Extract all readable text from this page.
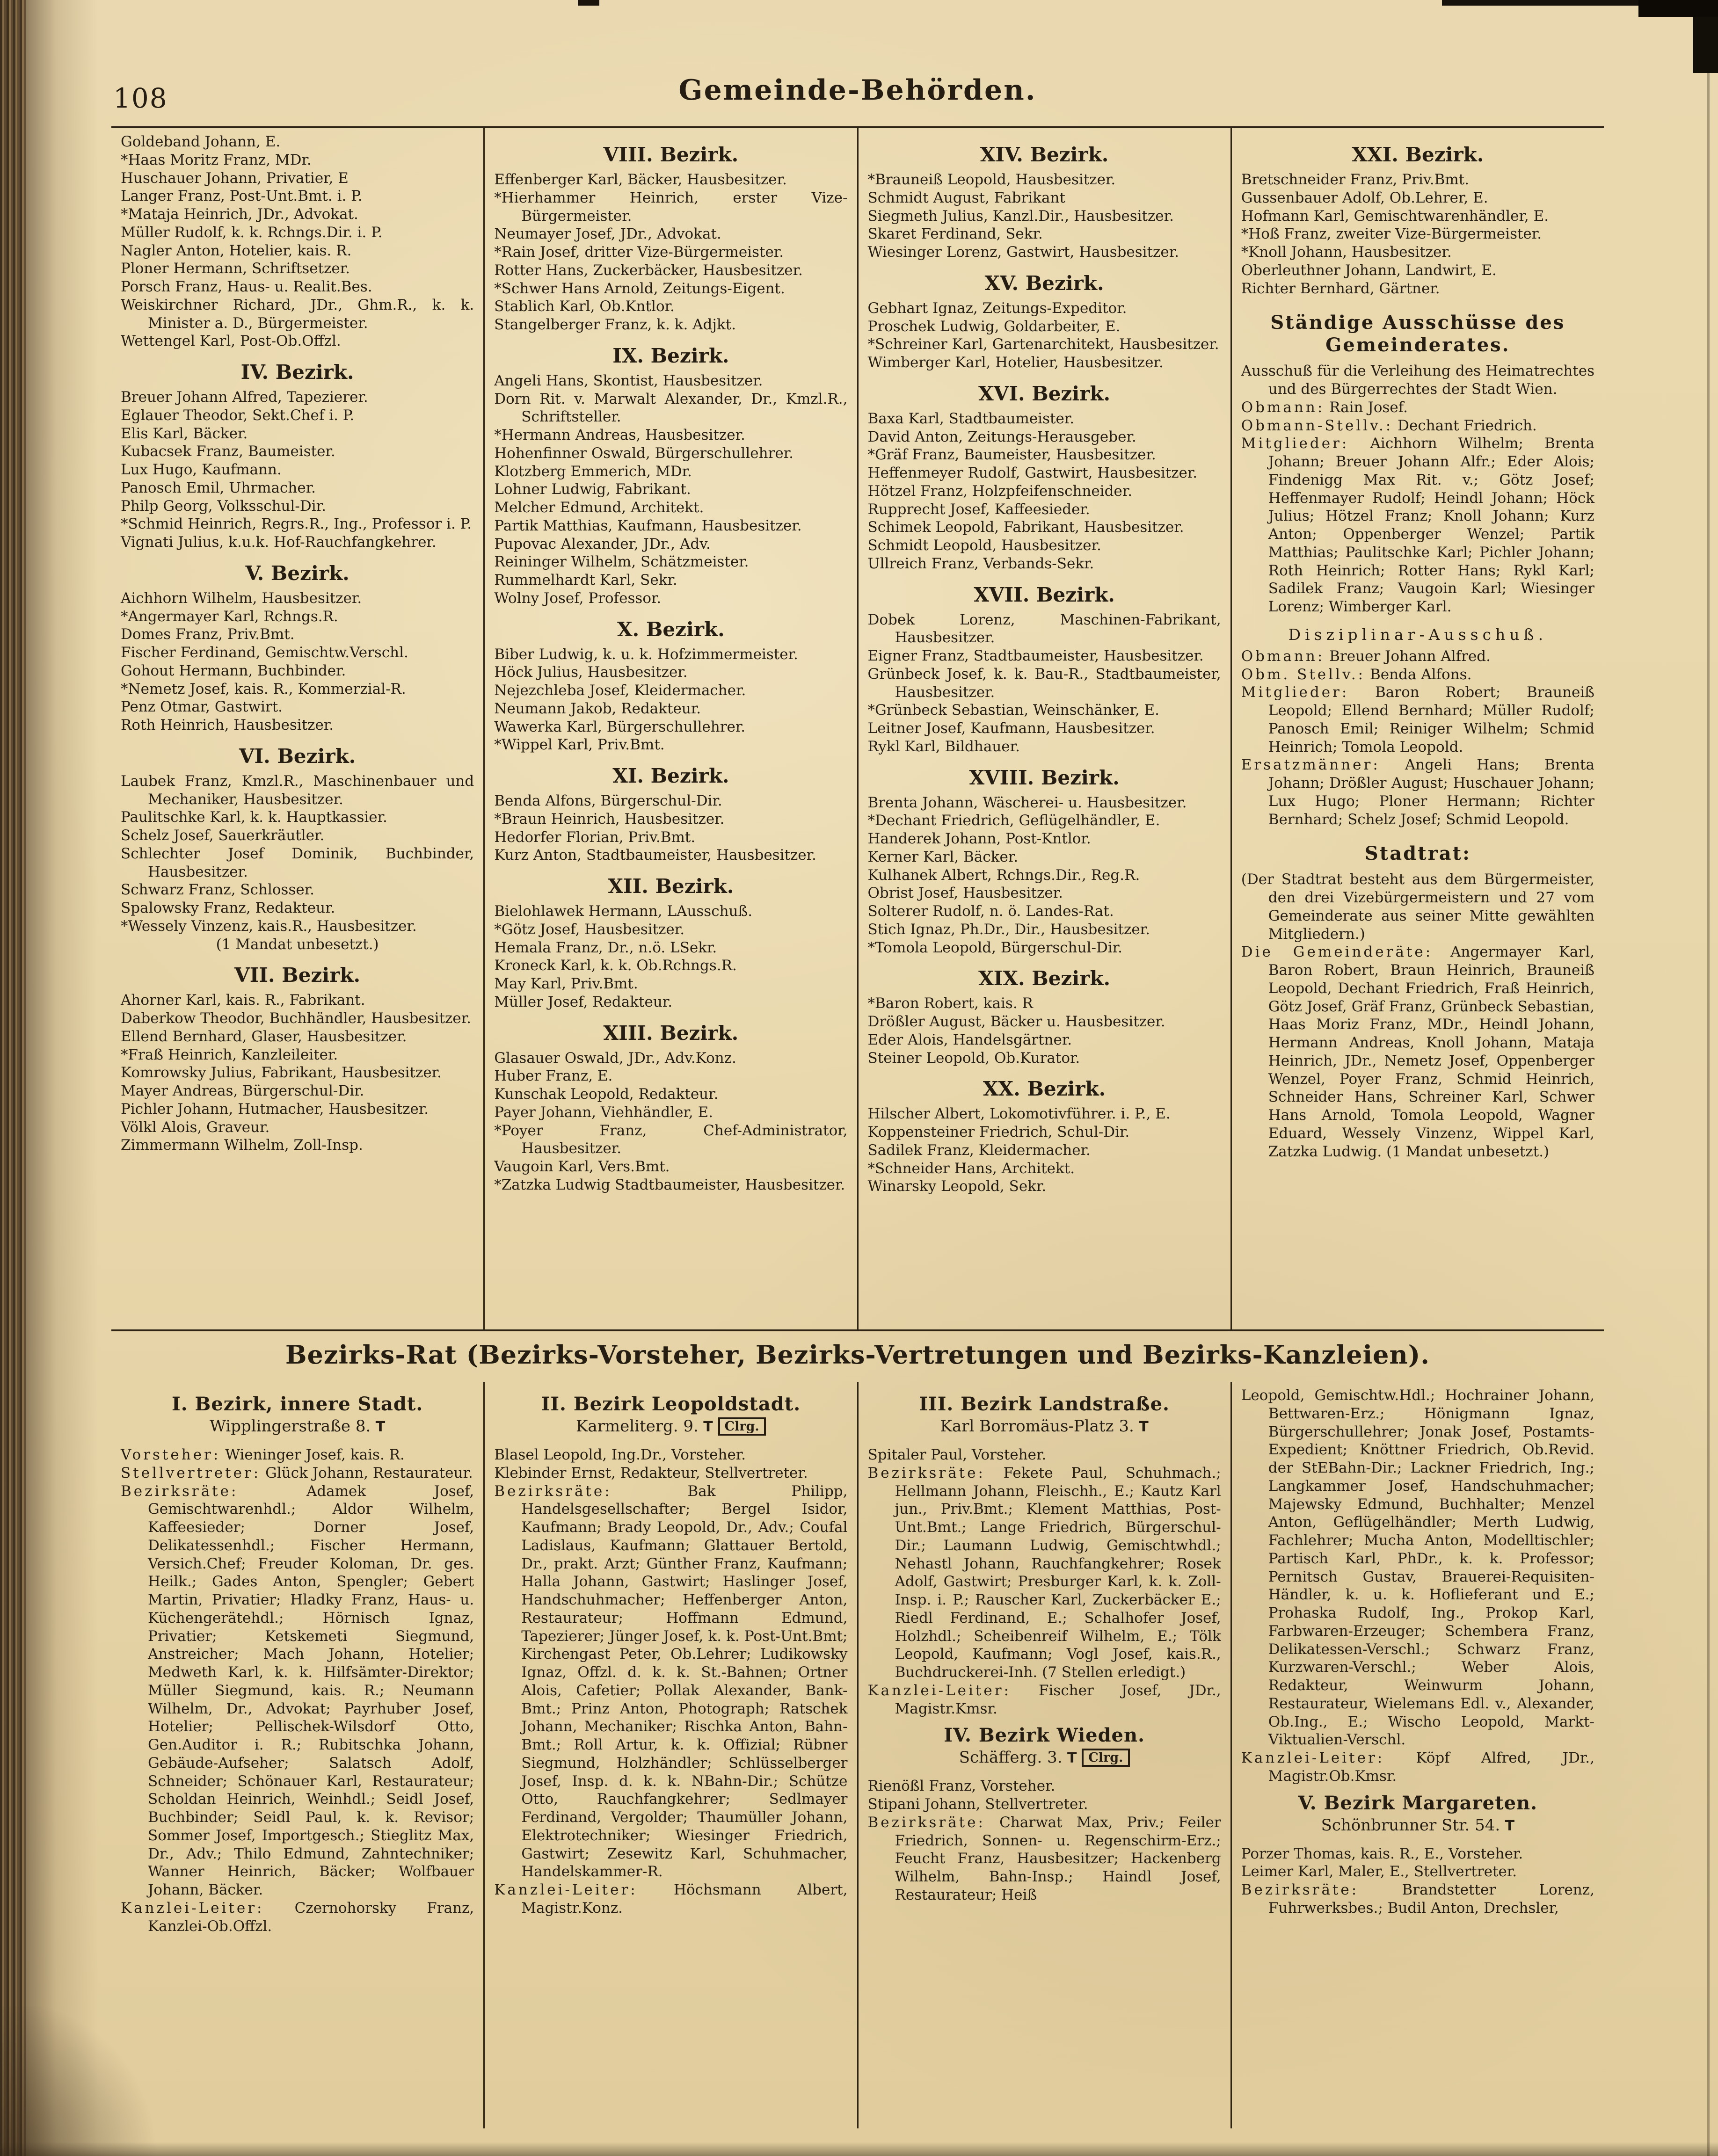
108	Gemeinde-Behörden.

Goldeband Johann, E.

*Haas Moritz Franz, MDr.

Huschauer Johann, Privatier, E

Langer Franz, Post-Unt.Bmt. i. P.

*Mataja Heinrich, JDr., Advokat.

Müller Rudolf, k. k. Rchngs.Dir. i. P.

Nagler Anton, Hotelier, kais. R.

Ploner Hermann, Schriftsetzer.

Porsch Franz, Haus- u. Realit.Bes.

Weiskirchner Richard, JDr., Ghm.R., k. k. Minister a. D., Bürgermeister.

Wettengel Karl, Post-Ob.Offzl.

IV. Bezirk.

Breuer Johann Alfred, Tapezierer.

Eglauer Theodor, Sekt.Chef i. P.

Elis Karl, Bäcker.

Kubacsek Franz, Baumeister.

Lux Hugo, Kaufmann.

Panosch Emil, Uhrmacher.

Philp Georg, Volksschul-Dir.

*Schmid Heinrich, Regrs.R., Ing., Professor i. P.

Vignati Julius, k.u.k. Hof-Rauchfangkehrer.

V. Bezirk.

Aichhorn Wilhelm, Hausbesitzer.

*Angermayer Karl, Rchngs.R.

Domes Franz, Priv.Bmt.

Fischer Ferdinand, Gemischtw.Verschl.

Gohout Hermann, Buchbinder.

*Nemetz Josef, kais. R., Kommerzial-R.

Penz Otmar, Gastwirt.

Roth Heinrich, Hausbesitzer.

VI. Bezirk.

Laubek Franz, Kmzl.R., Maschinenbauer und Mechaniker, Hausbesitzer.

Paulitschke Karl, k. k. Hauptkassier.

Schelz Josef, Sauerkräutler.

Schlechter Josef Dominik, Buchbinder, Hausbesitzer.

Schwarz Franz, Schlosser.

Spalowsky Franz, Redakteur.

*Wessely Vinzenz, kais.R., Hausbesitzer.

(1 Mandat unbesetzt.)
VII. Bezirk.

Ahorner Karl, kais. R., Fabrikant.

Daberkow Theodor, Buchhändler, Hausbesitzer.

Ellend Bernhard, Glaser, Hausbesitzer.

*Fraß Heinrich, Kanzleileiter.

Komrowsky Julius, Fabrikant, Hausbesitzer.

Mayer Andreas, Bürgerschul-Dir.

Pichler Johann, Hutmacher, Hausbesitzer.

Völkl Alois, Graveur.

Zimmermann Wilhelm, Zoll-Insp.

VIII. Bezirk.

Effenberger Karl, Bäcker, Hausbesitzer.

*Hierhammer Heinrich, erster Vize-Bürgermeister.

Neumayer Josef, JDr., Advokat.

*Rain Josef, dritter Vize-Bürgermeister.

Rotter Hans, Zuckerbäcker, Hausbesitzer.

*Schwer Hans Arnold, Zeitungs-Eigent.

Stablich Karl, Ob.Kntlor.

Stangelberger Franz, k. k. Adjkt.

IX. Bezirk.

Angeli Hans, Skontist, Hausbesitzer.

Dorn Rit. v. Marwalt Alexander, Dr., Kmzl.R., Schriftsteller.

*Hermann Andreas, Hausbesitzer.

Hohenfinner Oswald, Bürgerschullehrer.

Klotzberg Emmerich, MDr.

Lohner Ludwig, Fabrikant.

Melcher Edmund, Architekt.

Partik Matthias, Kaufmann, Hausbesitzer.

Pupovac Alexander, JDr., Adv.

Reininger Wilhelm, Schätzmeister.

Rummelhardt Karl, Sekr.

Wolny Josef, Professor.

X. Bezirk.

Biber Ludwig, k. u. k. Hofzimmermeister.

Höck Julius, Hausbesitzer.

Nejezchleba Josef, Kleidermacher.

Neumann Jakob, Redakteur.

Wawerka Karl, Bürgerschullehrer.

*Wippel Karl, Priv.Bmt.

XI. Bezirk.

Benda Alfons, Bürgerschul-Dir.

*Braun Heinrich, Hausbesitzer.

Hedorfer Florian, Priv.Bmt.

Kurz Anton, Stadtbaumeister, Hausbesitzer.

XII. Bezirk.

Bielohlawek Hermann, LAusschuß.

*Götz Josef, Hausbesitzer.

Hemala Franz, Dr., n.ö. LSekr.

Kroneck Karl, k. k. Ob.Rchngs.R.

May Karl, Priv.Bmt.

Müller Josef, Redakteur.

XIII. Bezirk.

Glasauer Oswald, JDr., Adv.Konz.

Huber Franz, E.

Kunschak Leopold, Redakteur.

Payer Johann, Viehhändler, E.

*Poyer Franz, Chef-Administrator, Hausbesitzer.

Vaugoin Karl, Vers.Bmt.

*Zatzka Ludwig Stadtbaumeister, Hausbesitzer.

XIV. Bezirk.

*Brauneiß Leopold, Hausbesitzer.

Schmidt August, Fabrikant

Siegmeth Julius, Kanzl.Dir., Hausbesitzer.

Skaret Ferdinand, Sekr.

Wiesinger Lorenz, Gastwirt, Hausbesitzer.

XV. Bezirk.

Gebhart Ignaz, Zeitungs-Expeditor.

Proschek Ludwig, Goldarbeiter, E.

*Schreiner Karl, Gartenarchitekt, Hausbesitzer.

Wimberger Karl, Hotelier, Hausbesitzer.

XVI. Bezirk.

Baxa Karl, Stadtbaumeister.

David Anton, Zeitungs-Herausgeber.

*Gräf Franz, Baumeister, Hausbesitzer.

Heffenmeyer Rudolf, Gastwirt, Hausbesitzer.

Hötzel Franz, Holzpfeifenschneider.

Rupprecht Josef, Kaffeesieder.

Schimek Leopold, Fabrikant, Hausbesitzer.

Schmidt Leopold, Hausbesitzer.

Ullreich Franz, Verbands-Sekr.

XVII. Bezirk.

Dobek Lorenz, Maschinen-Fabrikant, Hausbesitzer.

Eigner Franz, Stadtbaumeister, Hausbesitzer.

Grünbeck Josef, k. k. Bau-R., Stadtbaumeister, Hausbesitzer.

*Grünbeck Sebastian, Weinschänker, E.

Leitner Josef, Kaufmann, Hausbesitzer.

Rykl Karl, Bildhauer.

XVIII. Bezirk.

Brenta Johann, Wäscherei- u. Hausbesitzer.

*Dechant Friedrich, Geflügelhändler, E.

Handerek Johann, Post-Kntlor.

Kerner Karl, Bäcker.

Kulhanek Albert, Rchngs.Dir., Reg.R.

Obrist Josef, Hausbesitzer.

Solterer Rudolf, n. ö. Landes-Rat.

Stich Ignaz, Ph.Dr., Dir., Hausbesitzer.

*Tomola Leopold, Bürgerschul-Dir.

XIX. Bezirk.

*Baron Robert, kais. R

Drößler August, Bäcker u. Hausbesitzer.

Eder Alois, Handelsgärtner.

Steiner Leopold, Ob.Kurator.

XX. Bezirk.

Hilscher Albert, Lokomotivführer. i. P., E.

Koppensteiner Friedrich, Schul-Dir.

Sadilek Franz, Kleidermacher.

*Schneider Hans, Architekt.

Winarsky Leopold, Sekr.

XXI. Bezirk.

Bretschneider Franz, Priv.Bmt.

Gussenbauer Adolf, Ob.Lehrer, E.

Hofmann Karl, Gemischtwarenhändler, E.

*Hoß Franz, zweiter Vize-Bürgermeister.

*Knoll Johann, Hausbesitzer.

Oberleuthner Johann, Landwirt, E.

Richter Bernhard, Gärtner.

Ständige Ausschüsse des Gemeinderates.

Ausschuß für die Verleihung des Heimatrechtes und des Bürgerrechtes der Stadt Wien.

Obmann: Rain Josef.

Obmann-Stellv.: Dechant Friedrich.

Mitglieder: Aichhorn Wilhelm; Brenta Johann; Breuer Johann Alfr.; Eder Alois; Findenigg Max Rit. v.; Götz Josef; Heffenmayer Rudolf; Heindl Johann; Höck Julius; Hötzel Franz; Knoll Johann; Kurz Anton; Oppenberger Wenzel; Partik Matthias; Paulitschke Karl; Pichler Johann; Roth Heinrich; Rotter Hans; Rykl Karl; Sadilek Franz; Vaugoin Karl; Wiesinger Lorenz; Wimberger Karl.

Disziplinar-Ausschuß.

Obmann: Breuer Johann Alfred.

Obm. Stellv.: Benda Alfons.

Mitglieder: Baron Robert; Brauneiß Leopold; Ellend Bernhard; Müller Rudolf; Panosch Emil; Reiniger Wilhelm; Schmid Heinrich; Tomola Leopold.

Ersatzmänner: Angeli Hans; Brenta Johann; Drößler August; Huschauer Johann; Lux Hugo; Ploner Hermann; Richter Bernhard; Schelz Josef; Schmid Leopold.

Stadtrat:

(Der Stadtrat besteht aus dem Bürgermeister, den drei Vizebürgermeistern und 27 vom Gemeinderate aus seiner Mitte gewählten Mitgliedern.)

Die Gemeinderäte: Angermayer Karl, Baron Robert, Braun Heinrich, Brauneiß Leopold, Dechant Friedrich, Fraß Heinrich, Götz Josef, Gräf Franz, Grünbeck Sebastian, Haas Moriz Franz, MDr., Heindl Johann, Hermann Andreas, Knoll Johann, Mataja Heinrich, JDr., Nemetz Josef, Oppenberger Wenzel, Poyer Franz, Schmid Heinrich, Schneider Hans, Schreiner Karl, Schwer Hans Arnold, Tomola Leopold, Wagner Eduard, Wessely Vinzenz, Wippel Karl, Zatzka Ludwig. (1 Mandat unbesetzt.)

Bezirks-Rat (Bezirks-Vorsteher, Bezirks-Vertretungen und Bezirks-Kanzleien).
I. Bezirk, innere Stadt.
Wipplingerstraße 8. T

Vorsteher: Wieninger Josef, kais. R.

Stellvertreter: Glück Johann, Restaurateur.

Bezirksräte: Adamek Josef, Gemischtwarenhdl.; Aldor Wilhelm, Kaffeesieder; Dorner Josef, Delikatessenhdl.; Fischer Hermann, Versich.Chef; Freuder Koloman, Dr. ges. Heilk.; Gades Anton, Spengler; Gebert Martin, Privatier; Hladky Franz, Haus- u. Küchengerätehdl.; Hörnisch Ignaz, Privatier; Ketskemeti Siegmund, Anstreicher; Mach Johann, Hotelier; Medweth Karl, k. k. Hilfsämter-Direktor; Müller Siegmund, kais. R.; Neumann Wilhelm, Dr., Advokat; Payrhuber Josef, Hotelier; Pellischek-Wilsdorf Otto, Gen.Auditor i. R.; Rubitschka Johann, Gebäude-Aufseher; Salatsch Adolf, Schneider; Schönauer Karl, Restaurateur; Scholdan Heinrich, Weinhdl.; Seidl Josef, Buchbinder; Seidl Paul, k. k. Revisor; Sommer Josef, Importgesch.; Stieglitz Max, Dr., Adv.; Thilo Edmund, Zahntechniker; Wanner Heinrich, Bäcker; Wolfbauer Johann, Bäcker.

Kanzlei-Leiter: Czernohorsky Franz, Kanzlei-Ob.Offzl.

II. Bezirk Leopoldstadt.
Karmeliterg. 9. T Clrg.

Blasel Leopold, Ing.Dr., Vorsteher.

Klebinder Ernst, Redakteur, Stellvertreter.

Bezirksräte: Bak Philipp, Handelsgesellschafter; Bergel Isidor, Kaufmann; Brady Leopold, Dr., Adv.; Coufal Ladislaus, Kaufmann; Glattauer Bertold, Dr., prakt. Arzt; Günther Franz, Kaufmann; Halla Johann, Gastwirt; Haslinger Josef, Handschuhmacher; Heffenberger Anton, Restaurateur; Hoffmann Edmund, Tapezierer; Jünger Josef, k. k. Post-Unt.Bmt; Kirchengast Peter, Ob.Lehrer; Ludikowsky Ignaz, Offzl. d. k. k. St.-Bahnen; Ortner Alois, Cafetier; Pollak Alexander, Bank-Bmt.; Prinz Anton, Photograph; Ratschek Johann, Mechaniker; Rischka Anton, Bahn-Bmt.; Roll Artur, k. k. Offizial; Rübner Siegmund, Holzhändler; Schlüsselberger Josef, Insp. d. k. k. NBahn-Dir.; Schütze Otto, Rauchfangkehrer; Sedlmayer Ferdinand, Vergolder; Thaumüller Johann, Elektrotechniker; Wiesinger Friedrich, Gastwirt; Zesewitz Karl, Schuhmacher, Handelskammer-R.

Kanzlei-Leiter: Höchsmann Albert, Magistr.Konz.

III. Bezirk Landstraße.
Karl Borromäus-Platz 3. T

Spitaler Paul, Vorsteher.

Bezirksräte: Fekete Paul, Schuhmach.; Hellmann Johann, Fleischh., E.; Kautz Karl jun., Priv.Bmt.; Klement Matthias, Post-Unt.Bmt.; Lange Friedrich, Bürgerschul-Dir.; Laumann Ludwig, Gemischtwhdl.; Nehastl Johann, Rauchfangkehrer; Rosek Adolf, Gastwirt; Presburger Karl, k. k. Zoll-Insp. i. P.; Rauscher Karl, Zuckerbäcker E.; Riedl Ferdinand, E.; Schalhofer Josef, Holzhdl.; Scheibenreif Wilhelm, E.; Tölk Leopold, Kaufmann; Vogl Josef, kais.R., Buchdruckerei-Inh. (7 Stellen erledigt.)

Kanzlei-Leiter: Fischer Josef, JDr., Magistr.Kmsr.

IV. Bezirk Wieden.
Schäfferg. 3. T Clrg.

Rienößl Franz, Vorsteher.

Stipani Johann, Stellvertreter.

Bezirksräte: Charwat Max, Priv.; Feiler Friedrich, Sonnen- u. Regenschirm-Erz.; Feucht Franz, Hausbesitzer; Hackenberg Wilhelm, Bahn-Insp.; Haindl Josef, Restaurateur; Heiß

Leopold, Gemischtw.Hdl.; Hochrainer Johann, Bettwaren-Erz.; Hönigmann Ignaz, Bürgerschullehrer; Jonak Josef, Postamts-Expedient; Knöttner Friedrich, Ob.Revid. der StEBahn-Dir.; Lackner Friedrich, Ing.; Langkammer Josef, Handschuhmacher; Majewsky Edmund, Buchhalter; Menzel Anton, Geflügelhändler; Merth Ludwig, Fachlehrer; Mucha Anton, Modelltischler; Partisch Karl, PhDr., k. k. Professor; Pernitsch Gustav, Brauerei-Requisiten-Händler, k. u. k. Hoflieferant und E.; Prohaska Rudolf, Ing., Prokop Karl, Farbwaren-Erzeuger; Schembera Franz, Delikatessen-Verschl.; Schwarz Franz, Kurzwaren-Verschl.; Weber Alois, Redakteur, Weinwurm Johann, Restaurateur, Wielemans Edl. v., Alexander, Ob.Ing., E.; Wischo Leopold, Markt-Viktualien-Verschl.

Kanzlei-Leiter: Köpf Alfred, JDr., Magistr.Ob.Kmsr.

V. Bezirk Margareten.
Schönbrunner Str. 54. T

Porzer Thomas, kais. R., E., Vorsteher.

Leimer Karl, Maler, E., Stellvertreter.

Bezirksräte: Brandstetter Lorenz, Fuhrwerksbes.; Budil Anton, Drechsler,
